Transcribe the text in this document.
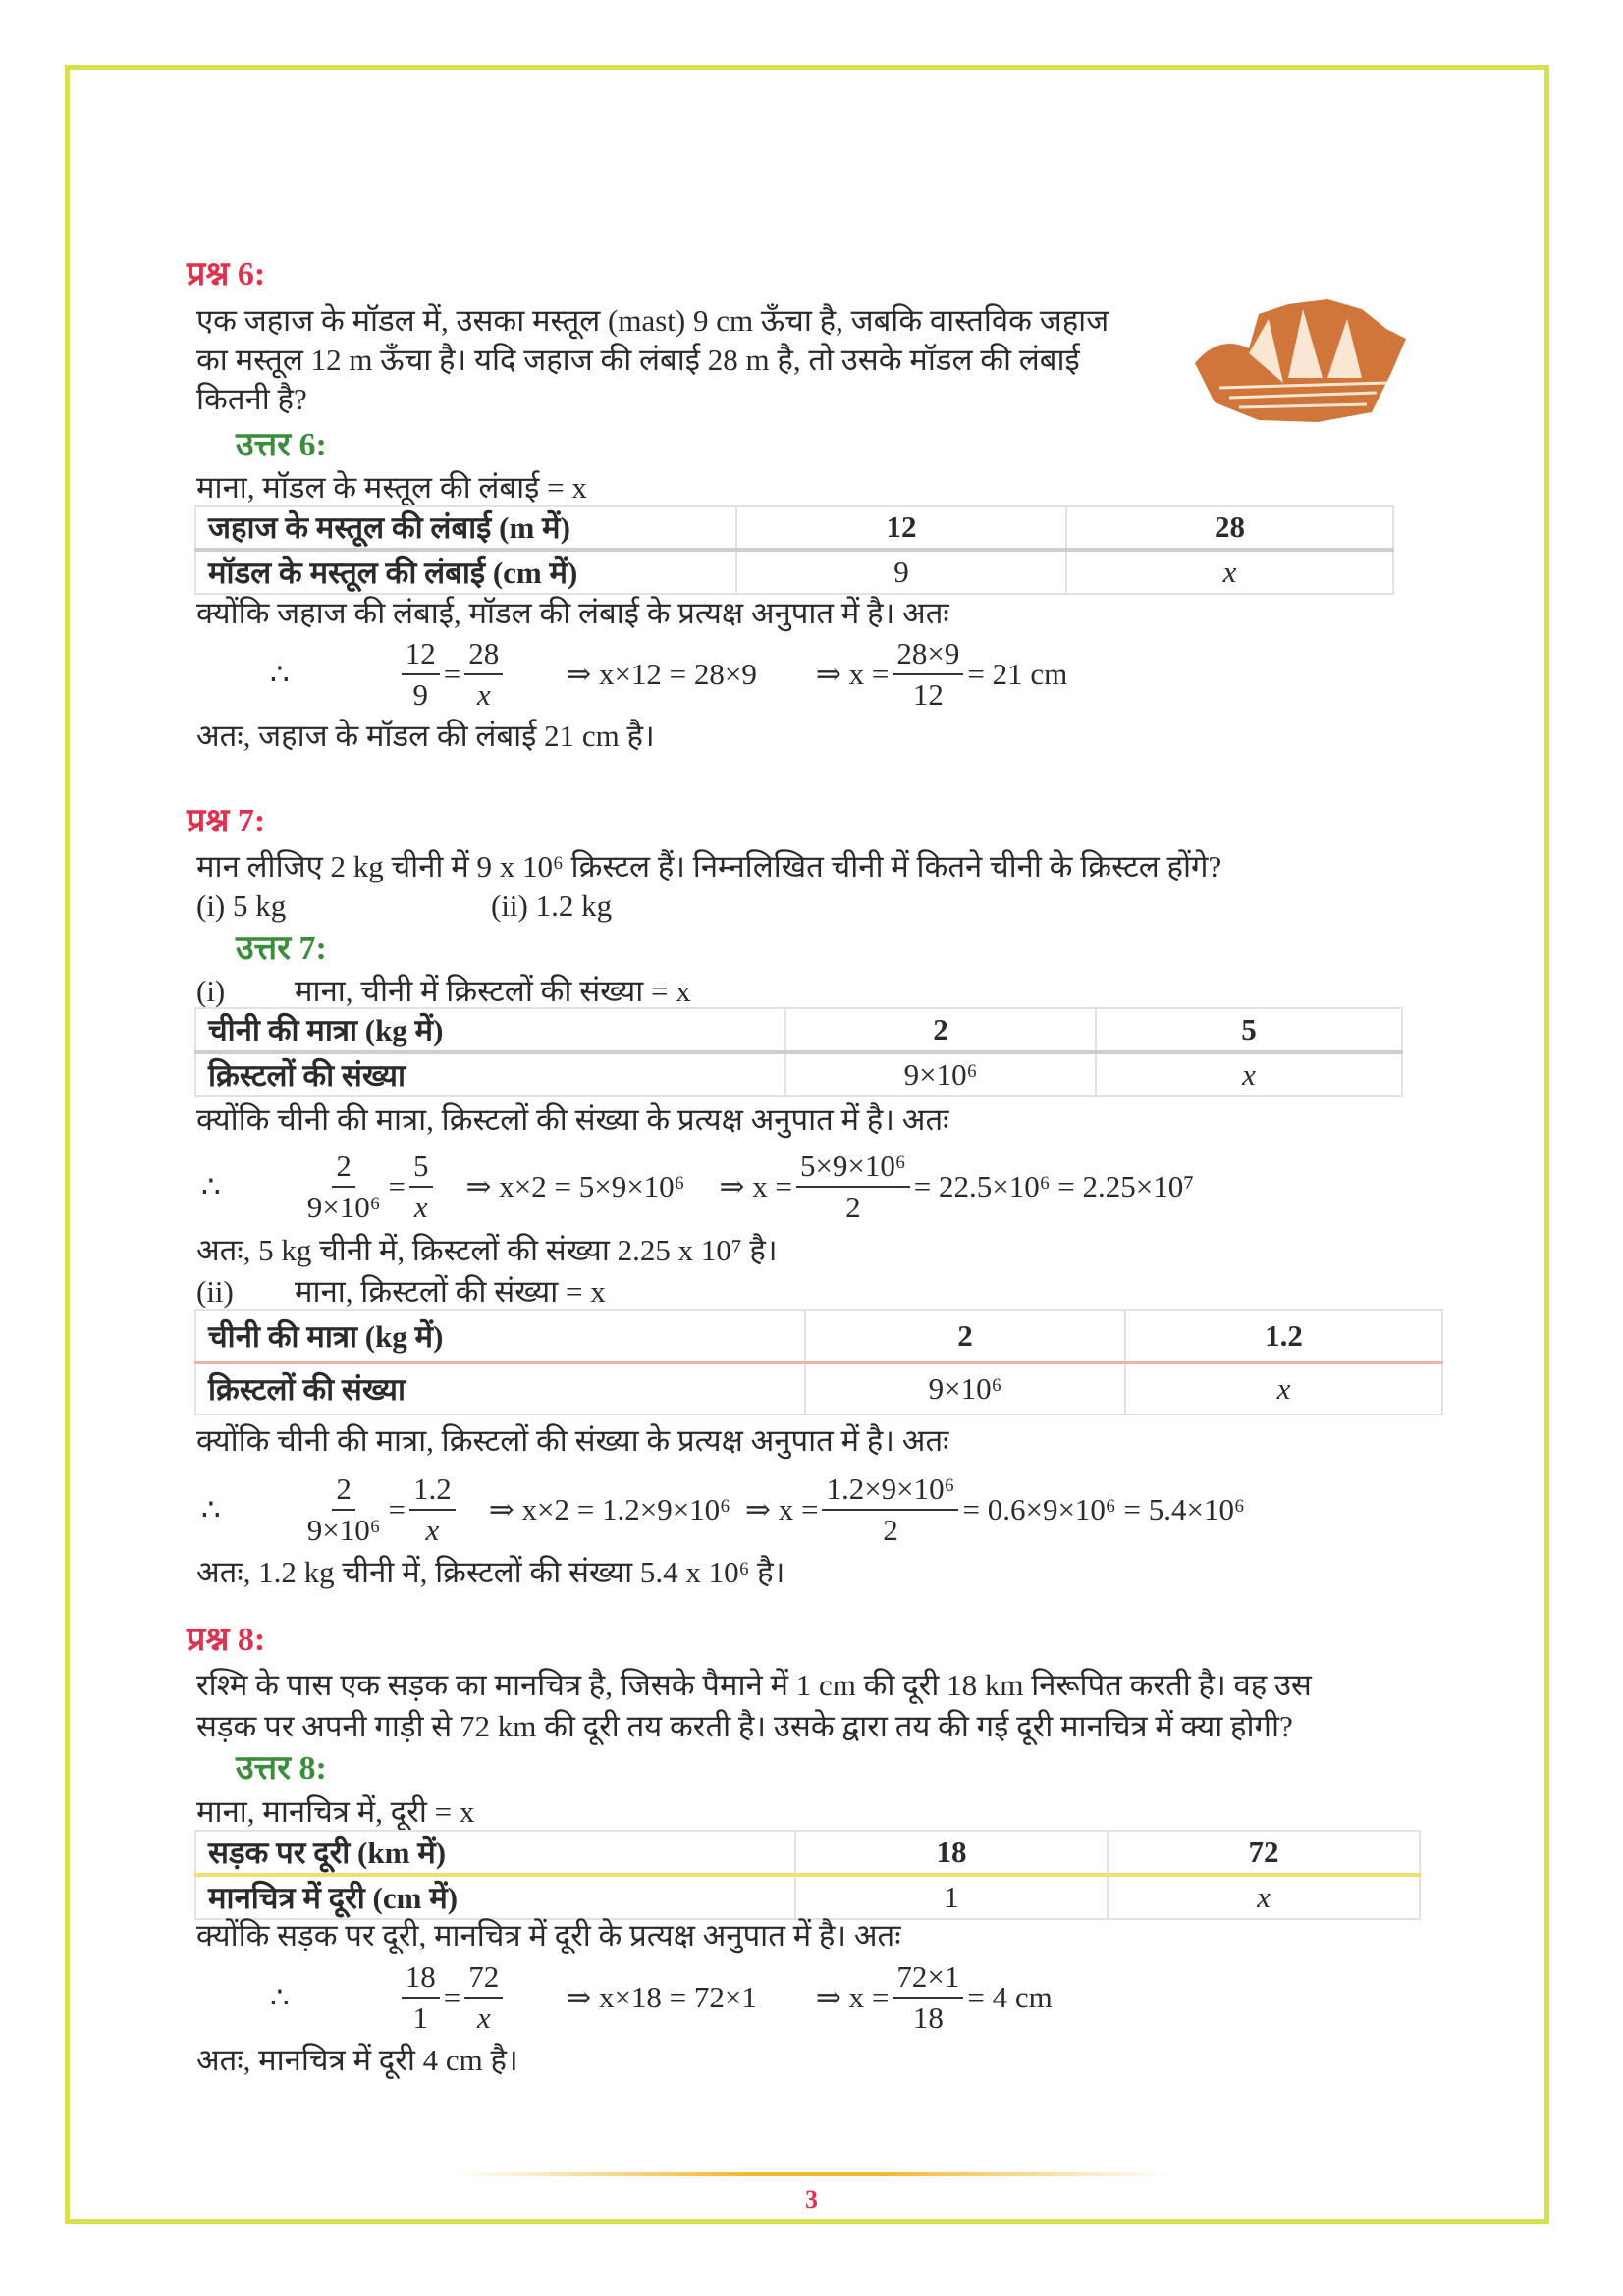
प्रश्न 6:
एक जहाज के मॉडल में, उसका मस्तूल (mast) 9 cm ऊँचा है, जबकि वास्तविक जहाज
का मस्तूल 12 m ऊँचा है। यदि जहाज की लंबाई 28 m है, तो उसके मॉडल की लंबाई
कितनी है?
उत्तर 6:
माना, मॉडल के मस्तूल की लंबाई = x
जहाज के मस्तूल की लंबाई (m में)	12	28
मॉडल के मस्तूल की लंबाई (cm में)	9	x
क्योंकि जहाज की लंबाई, मॉडल की लंबाई के प्रत्यक्ष अनुपात में है। अतः
∴
12
9
=
28
x
⇒ x×12 = 28×9 ⇒ $x = \frac{28\times 9}{12} = 21$ cm
अतः, जहाज के मॉडल की लंबाई 21 cm है।
प्रश्न 7:
मान लीजिए 2 kg चीनी में 9 x 10⁶ क्रिस्टल हैं। निम्नलिखित चीनी में कितने चीनी के क्रिस्टल होंगे?
(i) 5 kg	(ii) 1.2 kg
उत्तर 7:
(i) माना, चीनी में क्रिस्टलों की संख्या = x
चीनी की मात्रा (kg में)	2	5
क्रिस्टलों की संख्या	9×10⁶	x
क्योंकि चीनी की मात्रा, क्रिस्टलों की संख्या के प्रत्यक्ष अनुपात में है। अतः
∴
2
9×10⁶
=
5
x
⇒ x×2 = 5×9×10⁶ ⇒ $x = \frac{\text{5×9×10⁶}}{2} = 22.5\times 10^6 = 2.25\times 10^7$
अतः, 5 kg चीनी में, क्रिस्टलों की संख्या 2.25 x 10⁷ है।
(ii) माना, क्रिस्टलों की संख्या = x
चीनी की मात्रा (kg में)	2	1.2
क्रिस्टलों की संख्या	9×10⁶	x
क्योंकि चीनी की मात्रा, क्रिस्टलों की संख्या के प्रत्यक्ष अनुपात में है। अतः
∴
2
9×10⁶
=
1.2
x
⇒ x×2 = 1.2×9×10⁶ ⇒ $x = \frac{\text{1.2×9×10⁶}}{2} = 0.6\times 9\times 10^6 = 5.4\times 10^6$
अतः, 1.2 kg चीनी में, क्रिस्टलों की संख्या 5.4 x 10⁶ है।
प्रश्न 8:
रश्मि के पास एक सड़क का मानचित्र है, जिसके पैमाने में 1 cm की दूरी 18 km निरूपित करती है। वह उस
सड़क पर अपनी गाड़ी से 72 km की दूरी तय करती है। उसके द्वारा तय की गई दूरी मानचित्र में क्या होगी?
उत्तर 8:
माना, मानचित्र में, दूरी = x
सड़क पर दूरी (km में)	18	72
मानचित्र में दूरी (cm में)	1	x
क्योंकि सड़क पर दूरी, मानचित्र में दूरी के प्रत्यक्ष अनुपात में है। अतः
∴
18
1
=
72
x
⇒ x×18 = 72×1 ⇒ $x = \frac{72\times 1}{18} = 4$ cm
अतः, मानचित्र में दूरी 4 cm है।
3
